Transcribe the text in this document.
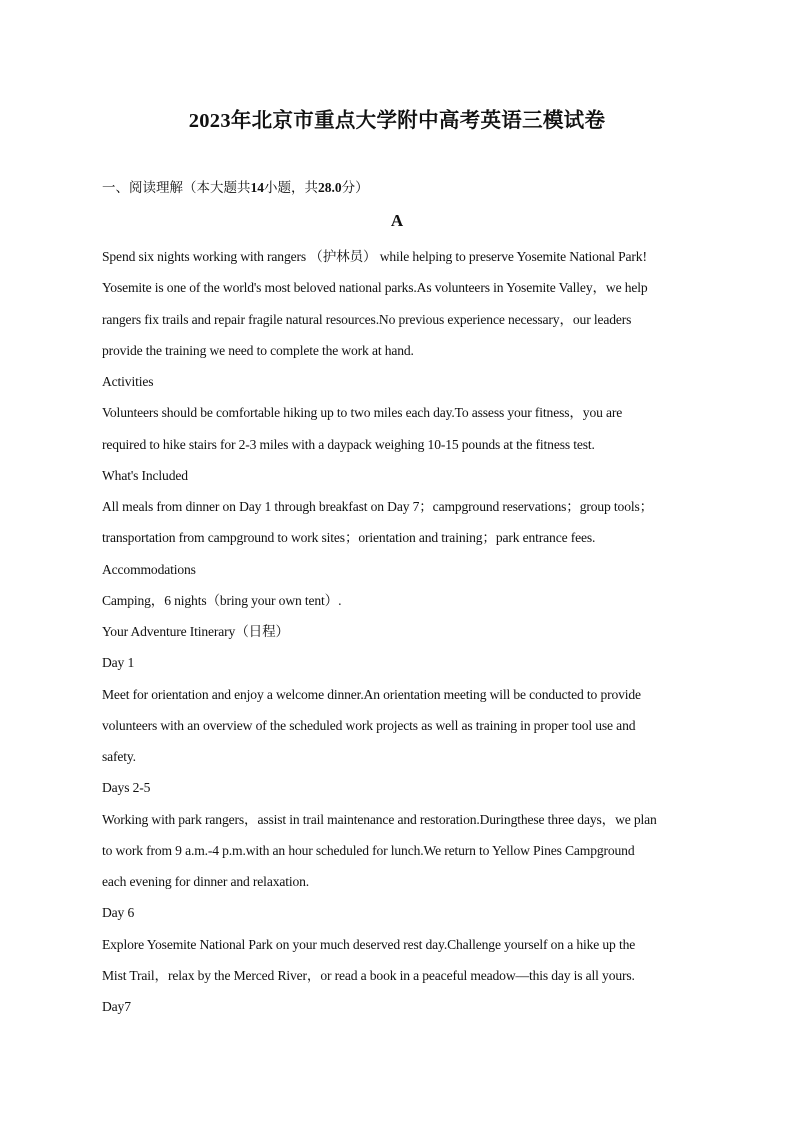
2023年北京市重点大学附中高考英语三模试卷
一、阅读理解（本大题共14小题，共28.0分）
A
Spend six nights working with rangers （护林员） while helping to preserve Yosemite National Park!
Yosemite is one of the world's most beloved national parks.As volunteers in Yosemite Valley，we help
rangers fix trails and repair fragile natural resources.No previous experience necessary，our leaders
provide the training we need to complete the work at hand.
Activities
Volunteers should be comfortable hiking up to two miles each day.To assess your fitness，you are
required to hike stairs for 2-3 miles with a daypack weighing 10-15 pounds at the fitness test.
What's Included
All meals from dinner on Day 1 through breakfast on Day 7；campground reservations；group tools；
transportation from campground to work sites；orientation and training；park entrance fees.
Accommodations
Camping，6 nights（bring your own tent）.
Your Adventure Itinerary（日程）
Day 1
Meet for orientation and enjoy a welcome dinner.An orientation meeting will be conducted to provide
volunteers with an overview of the scheduled work projects as well as training in proper tool use and
safety.
Days 2-5
Working with park rangers，assist in trail maintenance and restoration.Duringthese three days，we plan
to work from 9 a.m.-4 p.m.with an hour scheduled for lunch.We return to Yellow Pines Campground
each evening for dinner and relaxation.
Day 6
Explore Yosemite National Park on your much deserved rest day.Challenge yourself on a hike up the
Mist Trail，relax by the Merced River，or read a book in a peaceful meadow—this day is all yours.
Day7
